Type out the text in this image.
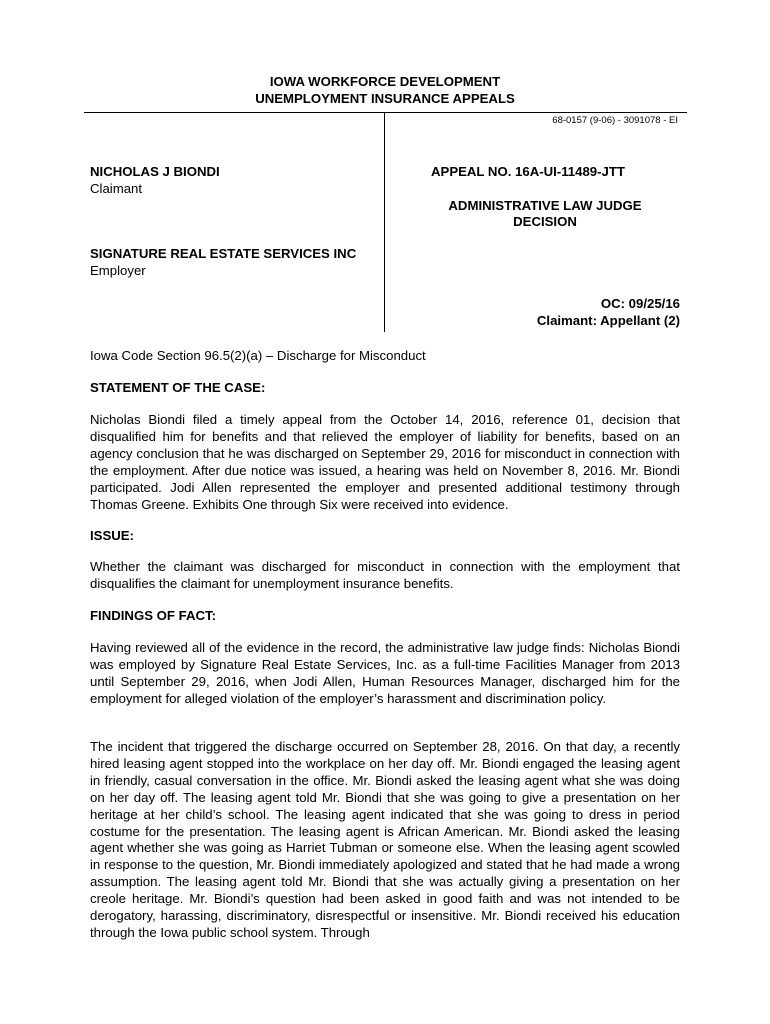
IOWA WORKFORCE DEVELOPMENT
UNEMPLOYMENT INSURANCE APPEALS
68-0157 (9-06) - 3091078 - EI
NICHOLAS J BIONDI
Claimant
SIGNATURE REAL ESTATE SERVICES INC
Employer
APPEAL NO. 16A-UI-11489-JTT
ADMINISTRATIVE LAW JUDGE
DECISION
OC: 09/25/16
Claimant: Appellant (2)
Iowa Code Section 96.5(2)(a) – Discharge for Misconduct
STATEMENT OF THE CASE:
Nicholas Biondi filed a timely appeal from the October 14, 2016, reference 01, decision that disqualified him for benefits and that relieved the employer of liability for benefits, based on an agency conclusion that he was discharged on September 29, 2016 for misconduct in connection with the employment. After due notice was issued, a hearing was held on November 8, 2016. Mr. Biondi participated. Jodi Allen represented the employer and presented additional testimony through Thomas Greene. Exhibits One through Six were received into evidence.
ISSUE:
Whether the claimant was discharged for misconduct in connection with the employment that disqualifies the claimant for unemployment insurance benefits.
FINDINGS OF FACT:
Having reviewed all of the evidence in the record, the administrative law judge finds: Nicholas Biondi was employed by Signature Real Estate Services, Inc. as a full-time Facilities Manager from 2013 until September 29, 2016, when Jodi Allen, Human Resources Manager, discharged him for the employment for alleged violation of the employer’s harassment and discrimination policy.
The incident that triggered the discharge occurred on September 28, 2016. On that day, a recently hired leasing agent stopped into the workplace on her day off. Mr. Biondi engaged the leasing agent in friendly, casual conversation in the office. Mr. Biondi asked the leasing agent what she was doing on her day off. The leasing agent told Mr. Biondi that she was going to give a presentation on her heritage at her child’s school. The leasing agent indicated that she was going to dress in period costume for the presentation. The leasing agent is African American. Mr. Biondi asked the leasing agent whether she was going as Harriet Tubman or someone else. When the leasing agent scowled in response to the question, Mr. Biondi immediately apologized and stated that he had made a wrong assumption. The leasing agent told Mr. Biondi that she was actually giving a presentation on her creole heritage. Mr. Biondi’s question had been asked in good faith and was not intended to be derogatory, harassing, discriminatory, disrespectful or insensitive. Mr. Biondi received his education through the Iowa public school system. Through
